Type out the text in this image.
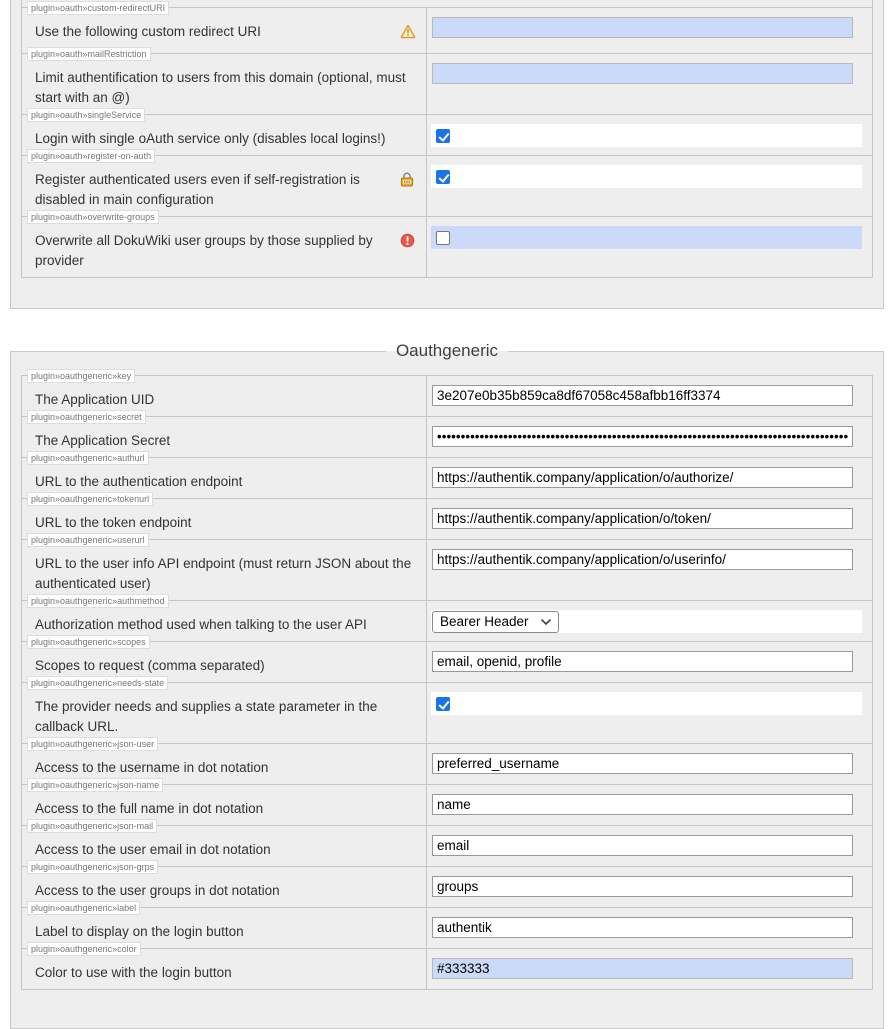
plugin»oauth»custom-redirectURI
Use the following custom redirect URI
plugin»oauth»mailRestriction
Limit authentification to users from this domain (optional, must start with an @)
plugin»oauth»singleService
Login with single oAuth service only (disables local logins!)
plugin»oauth»register-on-auth
Register authenticated users even if self-registration is disabled in main configuration
plugin»oauth»overwrite-groups
Overwrite all DokuWiki user groups by those supplied by provider
Oauthgeneric
plugin»oauthgeneric»key
The Application UID
3e207e0b35b859ca8df67058c458afbb16ff3374
plugin»oauthgeneric»secret
The Application Secret
••••••••••••••••••••••••••••••••••••••••••••••••••••••••••••••••••••••••••••••••••••••••••••••••
plugin»oauthgeneric»authurl
URL to the authentication endpoint
https://authentik.company/application/o/authorize/
plugin»oauthgeneric»tokenurl
URL to the token endpoint
https://authentik.company/application/o/token/
plugin»oauthgeneric»userurl
URL to the user info API endpoint (must return JSON about the authenticated user)
https://authentik.company/application/o/userinfo/
plugin»oauthgeneric»authmethod
Authorization method used when talking to the user API	Bearer Header
plugin»oauthgeneric»scopes
Scopes to request (comma separated)
email, openid, profile
plugin»oauthgeneric»needs-state
The provider needs and supplies a state parameter in the callback URL.
plugin»oauthgeneric»json-user
Access to the username in dot notation
preferred_username
plugin»oauthgeneric»json-name
Access to the full name in dot notation
name
plugin»oauthgeneric»json-mail
Access to the user email in dot notation
email
plugin»oauthgeneric»json-grps
Access to the user groups in dot notation
groups
plugin»oauthgeneric»label
Label to display on the login button
authentik
plugin»oauthgeneric»color
Color to use with the login button
#333333
